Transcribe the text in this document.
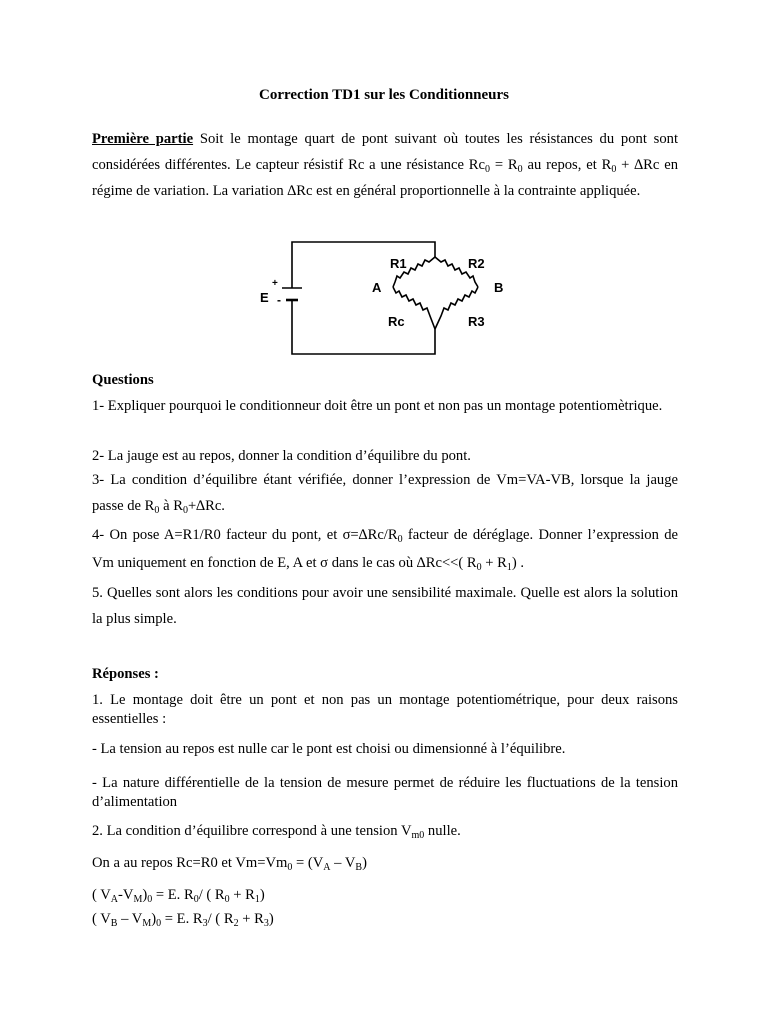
Correction TD1 sur les Conditionneurs
Première partie Soit le montage quart de pont suivant où toutes les résistances du pont sont considérées différentes. Le capteur résistif Rc a une résistance $Rc_0 = R_0$ au repos, et $R_0 + \Delta Rc$ en régime de variation. La variation ∆Rc est en général proportionnelle à la contrainte appliquée.
E
+
-
R1	R2
A	B
Rc	R3
Questions
1- Expliquer pourquoi le conditionneur doit être un pont et non pas un montage potentiomètrique.
2- La jauge est au repos, donner la condition d’équilibre du pont.
3- La condition d’équilibre étant vérifiée, donner l’expression de Vm=VA-VB, lorsque la jauge passe de $R_0$ à $R_0+\Delta Rc$.
4- On pose A=R1/R0 facteur du pont, et $\sigma=\Delta Rc/R_0$ facteur de déréglage. Donner l’expression de Vm uniquement en fonction de E, A et σ dans le cas où ∆Rc<<( $R_0 + R_1$) .
5. Quelles sont alors les conditions pour avoir une sensibilité maximale. Quelle est alors la solution la plus simple.
Réponses :
1. Le montage doit être un pont et non pas un montage potentiométrique, pour deux raisons essentielles :
- La tension au repos est nulle car le pont est choisi ou dimensionné à l’équilibre.
- La nature différentielle de la tension de mesure permet de réduire les fluctuations de la tension d’alimentation
2. La condition d’équilibre correspond à une tension $V_{m0}$ nulle.
On a au repos Rc=R0 et $Vm=Vm_0 = (V_A - V_B)$
( $V_A-V_M)_0 = E$. $R_0/$ ( $R_0 + R_1$)
( $V_B - V_M)_0 = E$. $R_3/$ ( $R_2 + R_3$)
